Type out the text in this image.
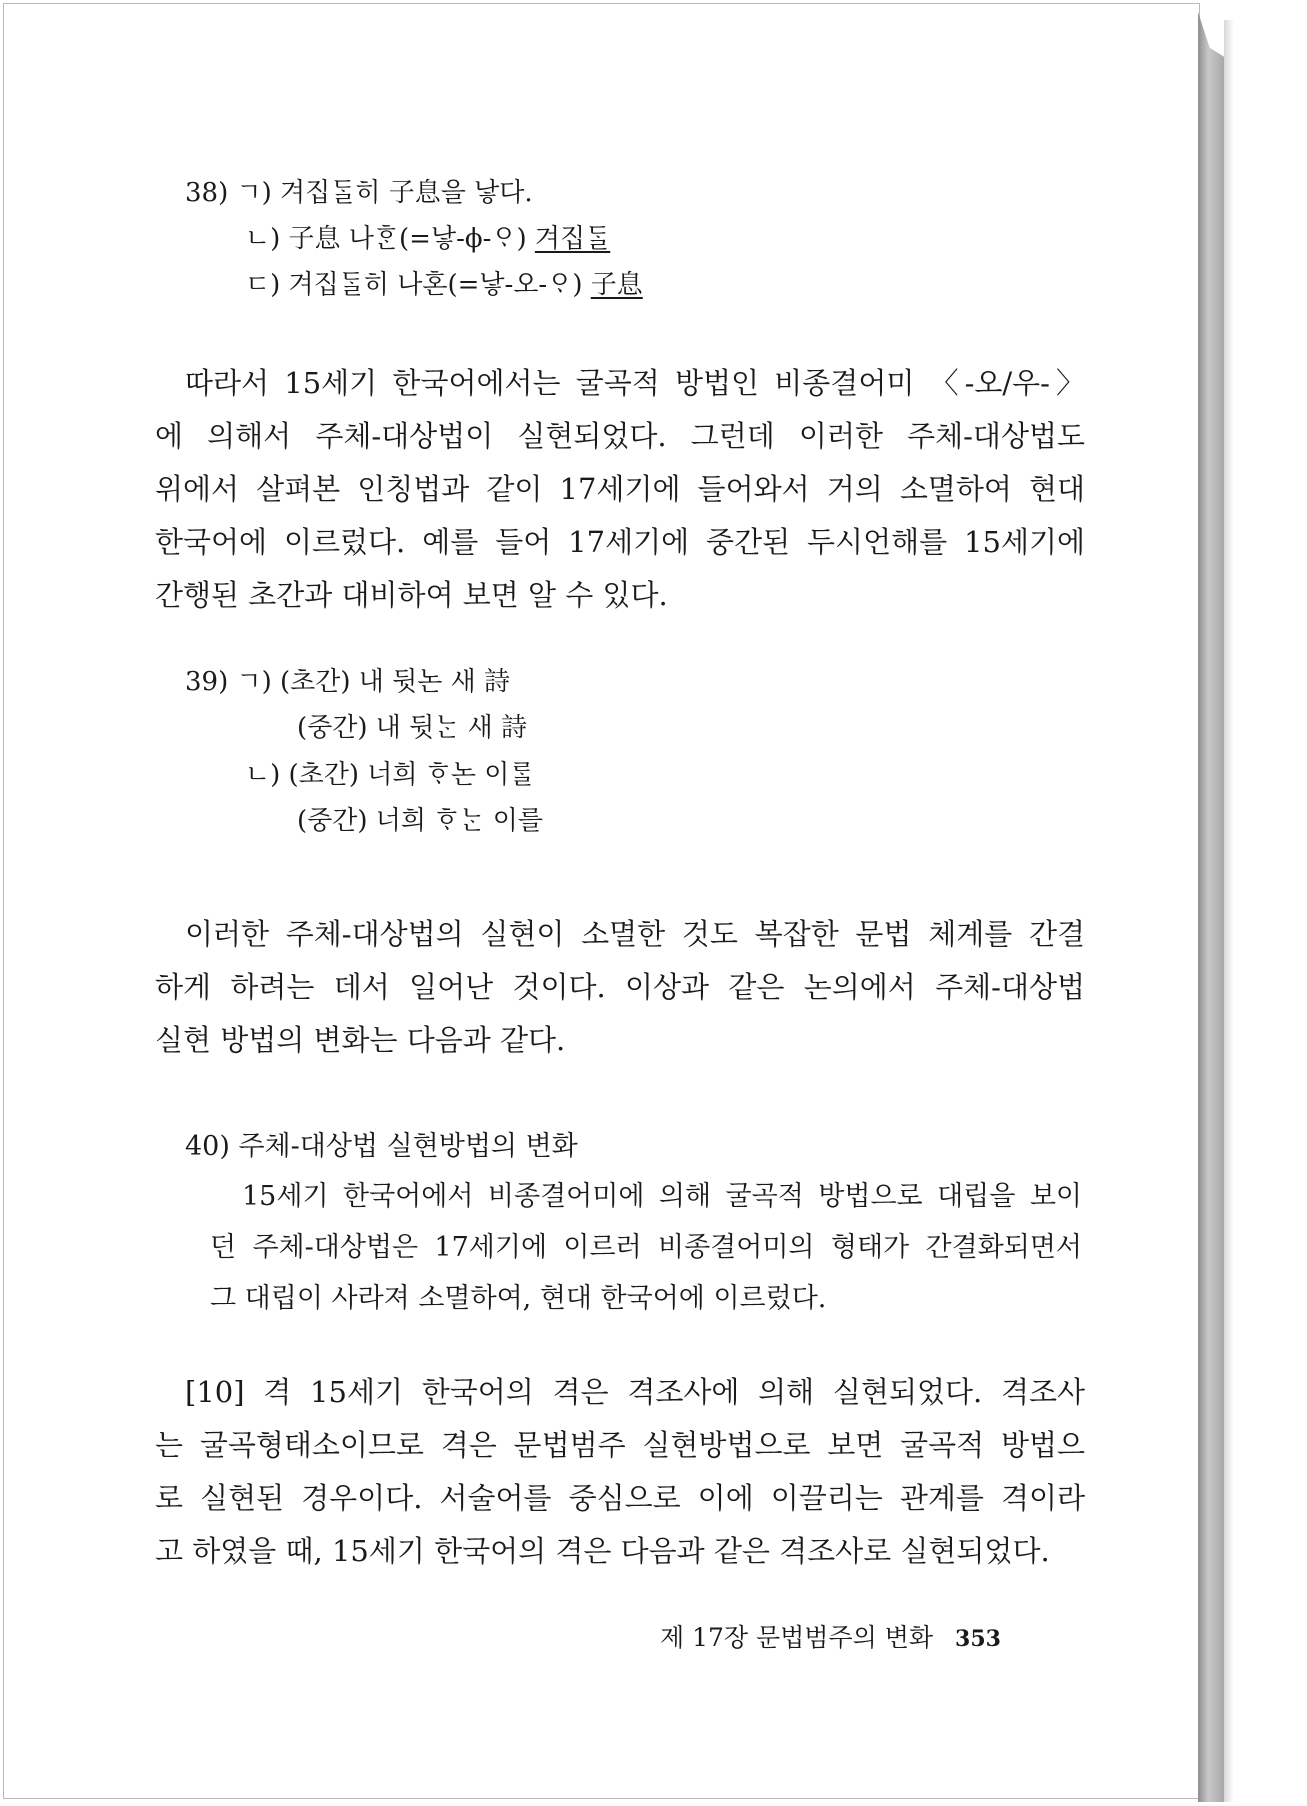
38) ㄱ) 겨집ᄃᆞᆯ히 子息을 낳다.
ㄴ) 子息 나ᄒᆞᆫ(=낳-ϕ-ᄋᆞ) 겨집ᄃᆞᆯ
ㄷ) 겨집ᄃᆞᆯ히 나혼(=낳-오-ᄋᆞ) 子息
따라서 15세기 한국어에서는 굴곡적 방법인 비종결어미 〈-오/우-〉
에 의해서 주체-대상법이 실현되었다. 그런데 이러한 주체-대상법도
위에서 살펴본 인칭법과 같이 17세기에 들어와서 거의 소멸하여 현대
한국어에 이르렀다. 예를 들어 17세기에 중간된 두시언해를 15세기에
간행된 초간과 대비하여 보면 알 수 있다.
39) ㄱ) (초간) 내 뒷논 새 詩
(중간) 내 뒷ᄂᆞᆫ 새 詩
ㄴ) (초간) 너희 ᄒᆞ논 이ᄅᆞᆯ
(중간) 너희 ᄒᆞᄂᆞᆫ 이를
이러한 주체-대상법의 실현이 소멸한 것도 복잡한 문법 체계를 간결
하게 하려는 데서 일어난 것이다. 이상과 같은 논의에서 주체-대상법
실현 방법의 변화는 다음과 같다.
40) 주체-대상법 실현방법의 변화
15세기 한국어에서 비종결어미에 의해 굴곡적 방법으로 대립을 보이
던 주체-대상법은 17세기에 이르러 비종결어미의 형태가 간결화되면서
그 대립이 사라져 소멸하여, 현대 한국어에 이르렀다.
[10] 격 15세기 한국어의 격은 격조사에 의해 실현되었다. 격조사
는 굴곡형태소이므로 격은 문법범주 실현방법으로 보면 굴곡적 방법으
로 실현된 경우이다. 서술어를 중심으로 이에 이끌리는 관계를 격이라
고 하였을 때, 15세기 한국어의 격은 다음과 같은 격조사로 실현되었다.
제 17장 문법범주의 변화 353
